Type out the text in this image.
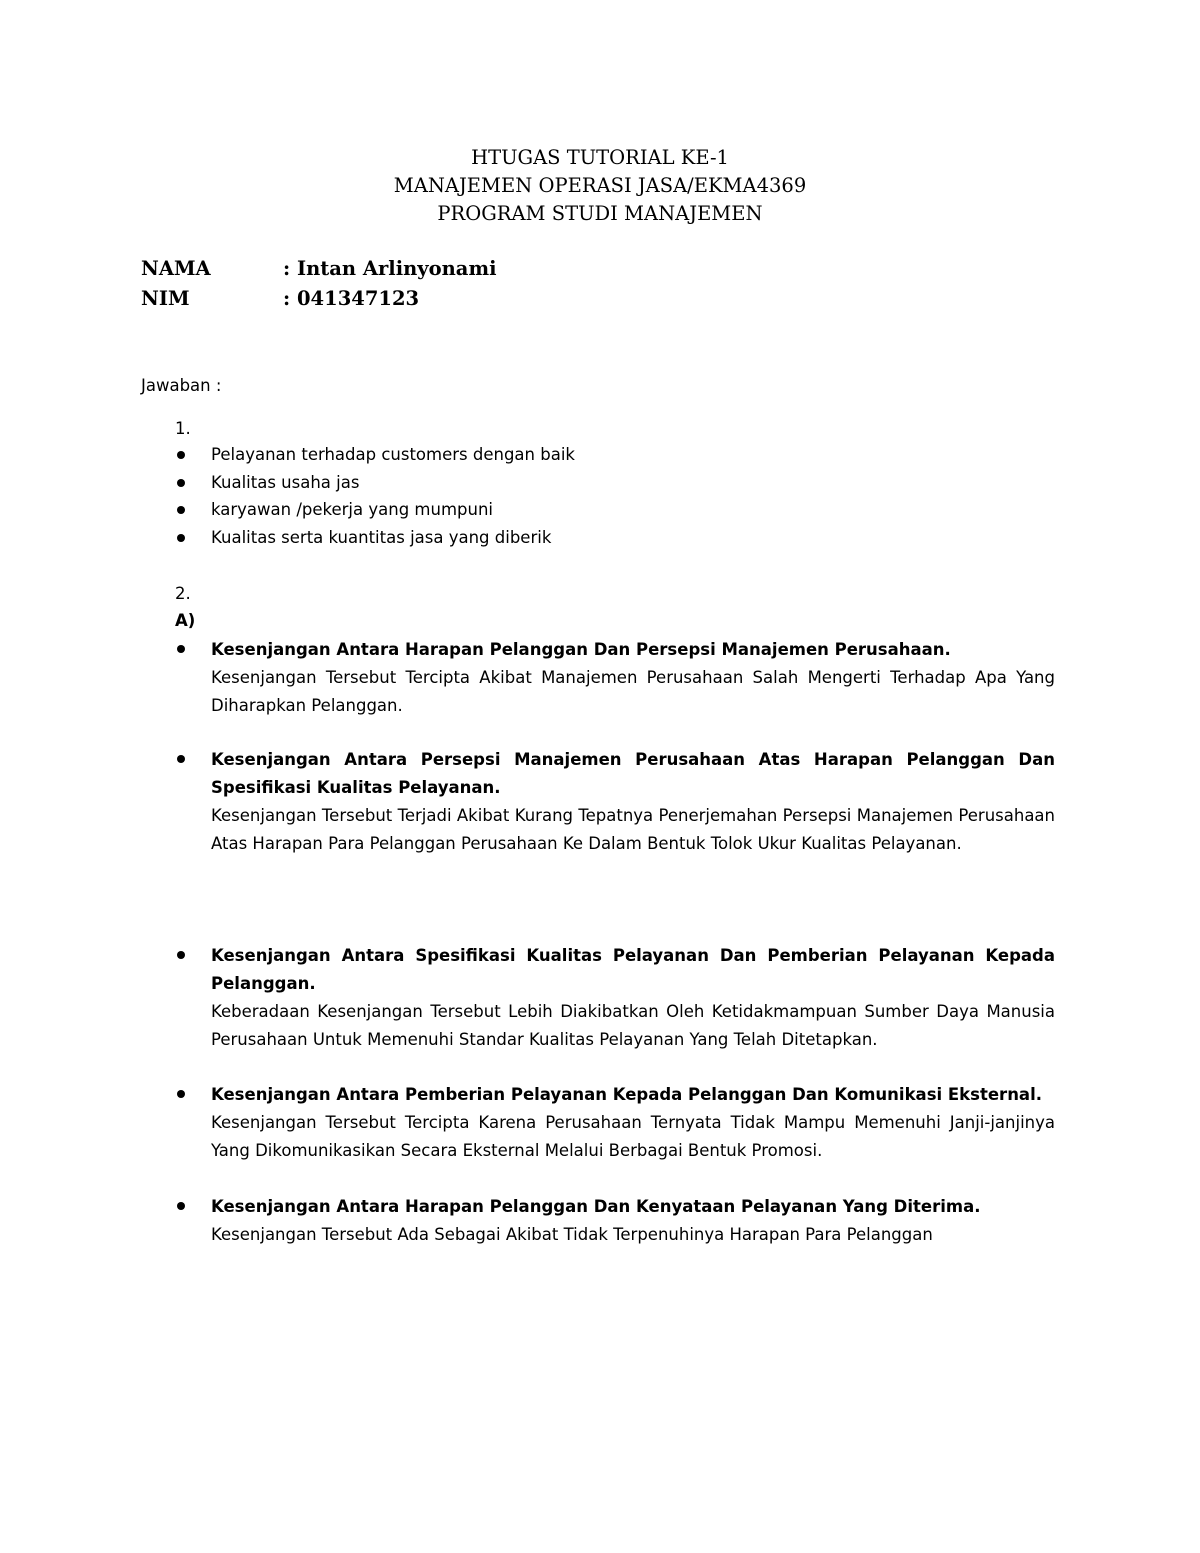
HTUGAS TUTORIAL KE-1
MANAJEMEN OPERASI JASA/EKMA4369
PROGRAM STUDI MANAJEMEN
NAMA	: Intan Arlinyonami
NIM	: 041347123
Jawaban :
1.
Pelayanan terhadap customers dengan baik
Kualitas usaha jas
karyawan /pekerja yang mumpuni
Kualitas serta kuantitas jasa yang diberik
2.
A)
Kesenjangan Antara Harapan Pelanggan Dan Persepsi Manajemen Perusahaan.
Kesenjangan Tersebut Tercipta Akibat Manajemen Perusahaan Salah Mengerti Terhadap Apa Yang Diharapkan Pelanggan.
Kesenjangan Antara Persepsi Manajemen Perusahaan Atas Harapan Pelanggan Dan Spesifikasi Kualitas Pelayanan.
Kesenjangan Tersebut Terjadi Akibat Kurang Tepatnya Penerjemahan Persepsi Manajemen Perusahaan Atas Harapan Para Pelanggan Perusahaan Ke Dalam Bentuk Tolok Ukur Kualitas Pelayanan.
Kesenjangan Antara Spesifikasi Kualitas Pelayanan Dan Pemberian Pelayanan Kepada Pelanggan.
Keberadaan Kesenjangan Tersebut Lebih Diakibatkan Oleh Ketidakmampuan Sumber Daya Manusia Perusahaan Untuk Memenuhi Standar Kualitas Pelayanan Yang Telah Ditetapkan.
Kesenjangan Antara Pemberian Pelayanan Kepada Pelanggan Dan Komunikasi Eksternal.
Kesenjangan Tersebut Tercipta Karena Perusahaan Ternyata Tidak Mampu Memenuhi Janji-janjinya Yang Dikomunikasikan Secara Eksternal Melalui Berbagai Bentuk Promosi.
Kesenjangan Antara Harapan Pelanggan Dan Kenyataan Pelayanan Yang Diterima.
Kesenjangan Tersebut Ada Sebagai Akibat Tidak Terpenuhinya Harapan Para Pelanggan
